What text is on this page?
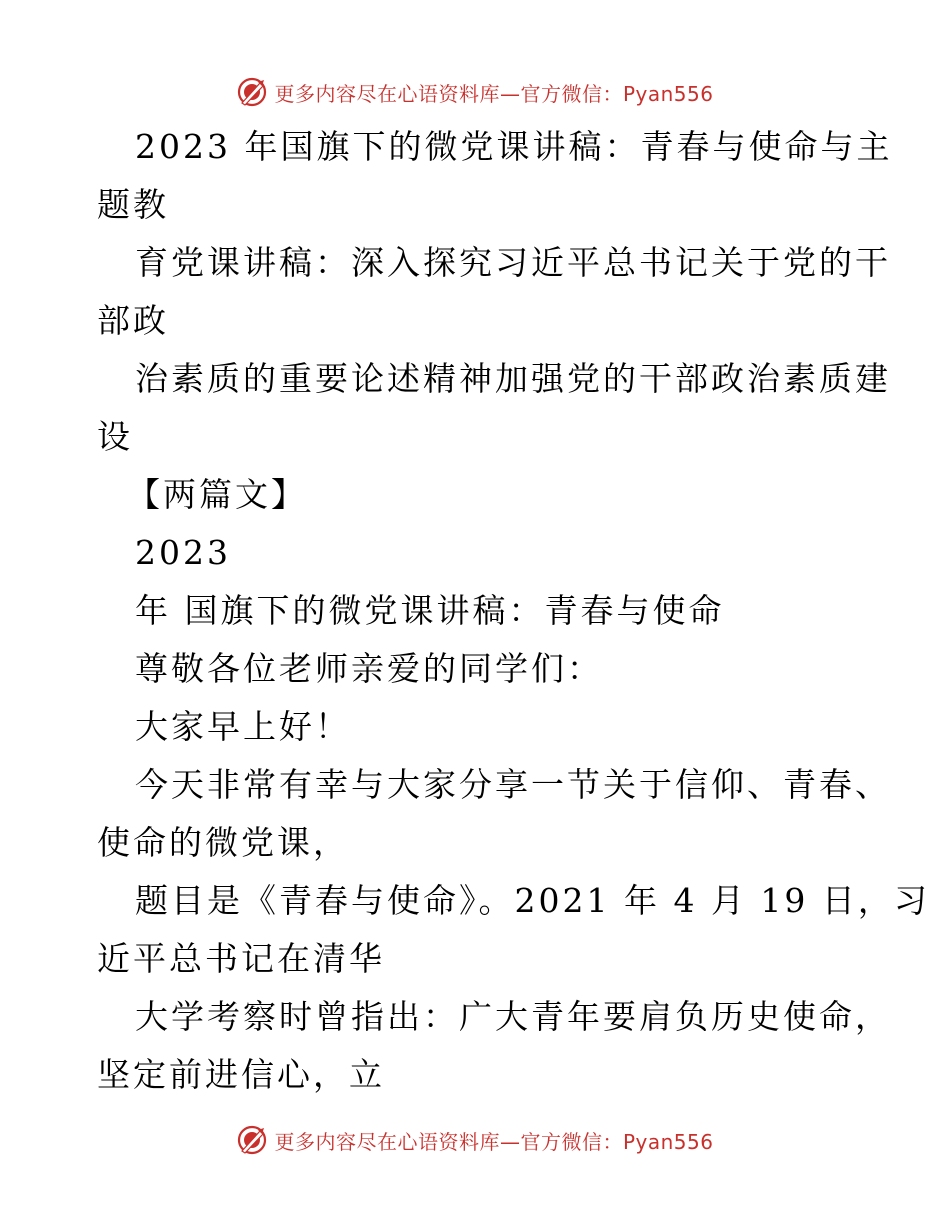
更多内容尽在心语资料库—官方微信：Pyan556
2023 年国旗下的微党课讲稿：青春与使命与主
题教
育党课讲稿：深入探究习近平总书记关于党的干
部政
治素质的重要论述精神加强党的干部政治素质建
设
【两篇文】
2023
年 国旗下的微党课讲稿：青春与使命
尊敬各位老师亲爱的同学们：
大家早上好！
今天非常有幸与大家分享一节关于信仰、青春、
使命的微党课，
题目是《青春与使命》。2021 年 4 月 19 日，习
近平总书记在清华
大学考察时曾指出：广大青年要肩负历史使命，
坚定前进信心，立
更多内容尽在心语资料库—官方微信：Pyan556
